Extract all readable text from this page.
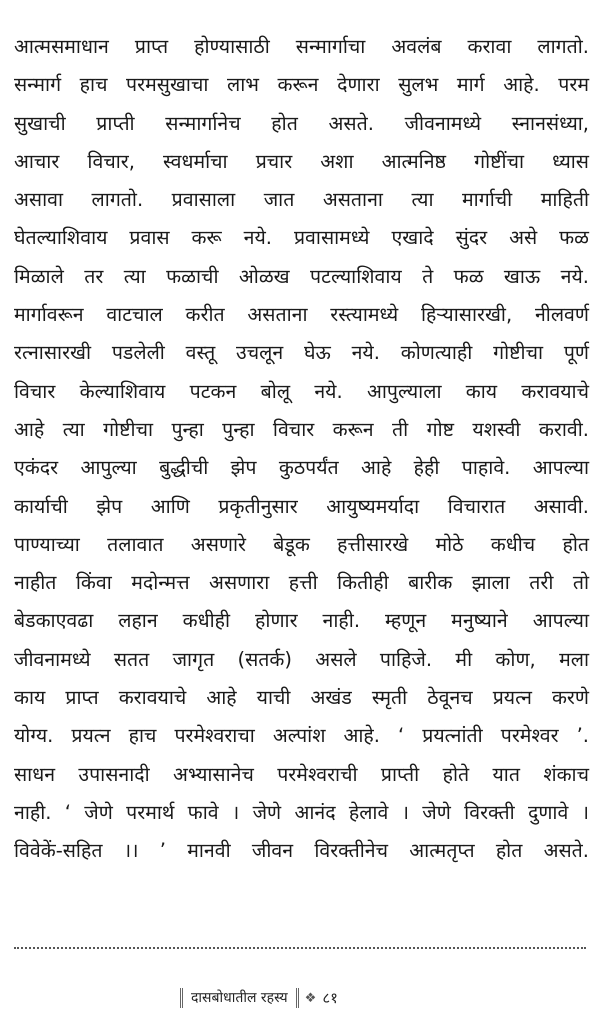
आत्मसमाधान प्राप्त होण्यासाठी सन्मार्गाचा अवलंब करावा लागतो.
सन्मार्ग हाच परमसुखाचा लाभ करून देणारा सुलभ मार्ग आहे. परम
सुखाची प्राप्ती सन्मार्गानेच होत असते. जीवनामध्ये स्नानसंध्या,
आचार विचार, स्वधर्माचा प्रचार अशा आत्मनिष्ठ गोष्टींचा ध्यास
असावा लागतो. प्रवासाला जात असताना त्या मार्गाची माहिती
घेतल्याशिवाय प्रवास करू नये. प्रवासामध्ये एखादे सुंदर असे फळ
मिळाले तर त्या फळाची ओळख पटल्याशिवाय ते फळ खाऊ नये.
मार्गावरून वाटचाल करीत असताना रस्त्यामध्ये हिऱ्यासारखी, नीलवर्ण
रत्नासारखी पडलेली वस्तू उचलून घेऊ नये. कोणत्याही गोष्टीचा पूर्ण
विचार केल्याशिवाय पटकन बोलू नये. आपुल्याला काय करावयाचे
आहे त्या गोष्टीचा पुन्हा पुन्हा विचार करून ती गोष्ट यशस्वी करावी.
एकंदर आपुल्या बुद्धीची झेप कुठपर्यंत आहे हेही पाहावे. आपल्या
कार्याची झेप आणि प्रकृतीनुसार आयुष्यमर्यादा विचारात असावी.
पाण्याच्या तलावात असणारे बेडूक हत्तीसारखे मोठे कधीच होत
नाहीत किंवा मदोन्मत्त असणारा हत्ती कितीही बारीक झाला तरी तो
बेडकाएवढा लहान कधीही होणार नाही. म्हणून मनुष्याने आपल्या
जीवनामध्ये सतत जागृत (सतर्क) असले पाहिजे. मी कोण, मला
काय प्राप्त करावयाचे आहे याची अखंड स्मृती ठेवूनच प्रयत्न करणे
योग्य. प्रयत्न हाच परमेश्वराचा अल्पांश आहे. ‘ प्रयत्नांती परमेश्वर ’.
साधन उपासनादी अभ्यासानेच परमेश्वराची प्राप्ती होते यात शंकाच
नाही. ‘ जेणे परमार्थ फावे । जेणे आनंद हेलावे । जेणे विरक्ती दुणावे ।
विवेकें-सहित ।। ’ मानवी जीवन विरक्तीनेच आत्मतृप्त होत असते.
दासबोधातील रहस्य	❖ ८१
